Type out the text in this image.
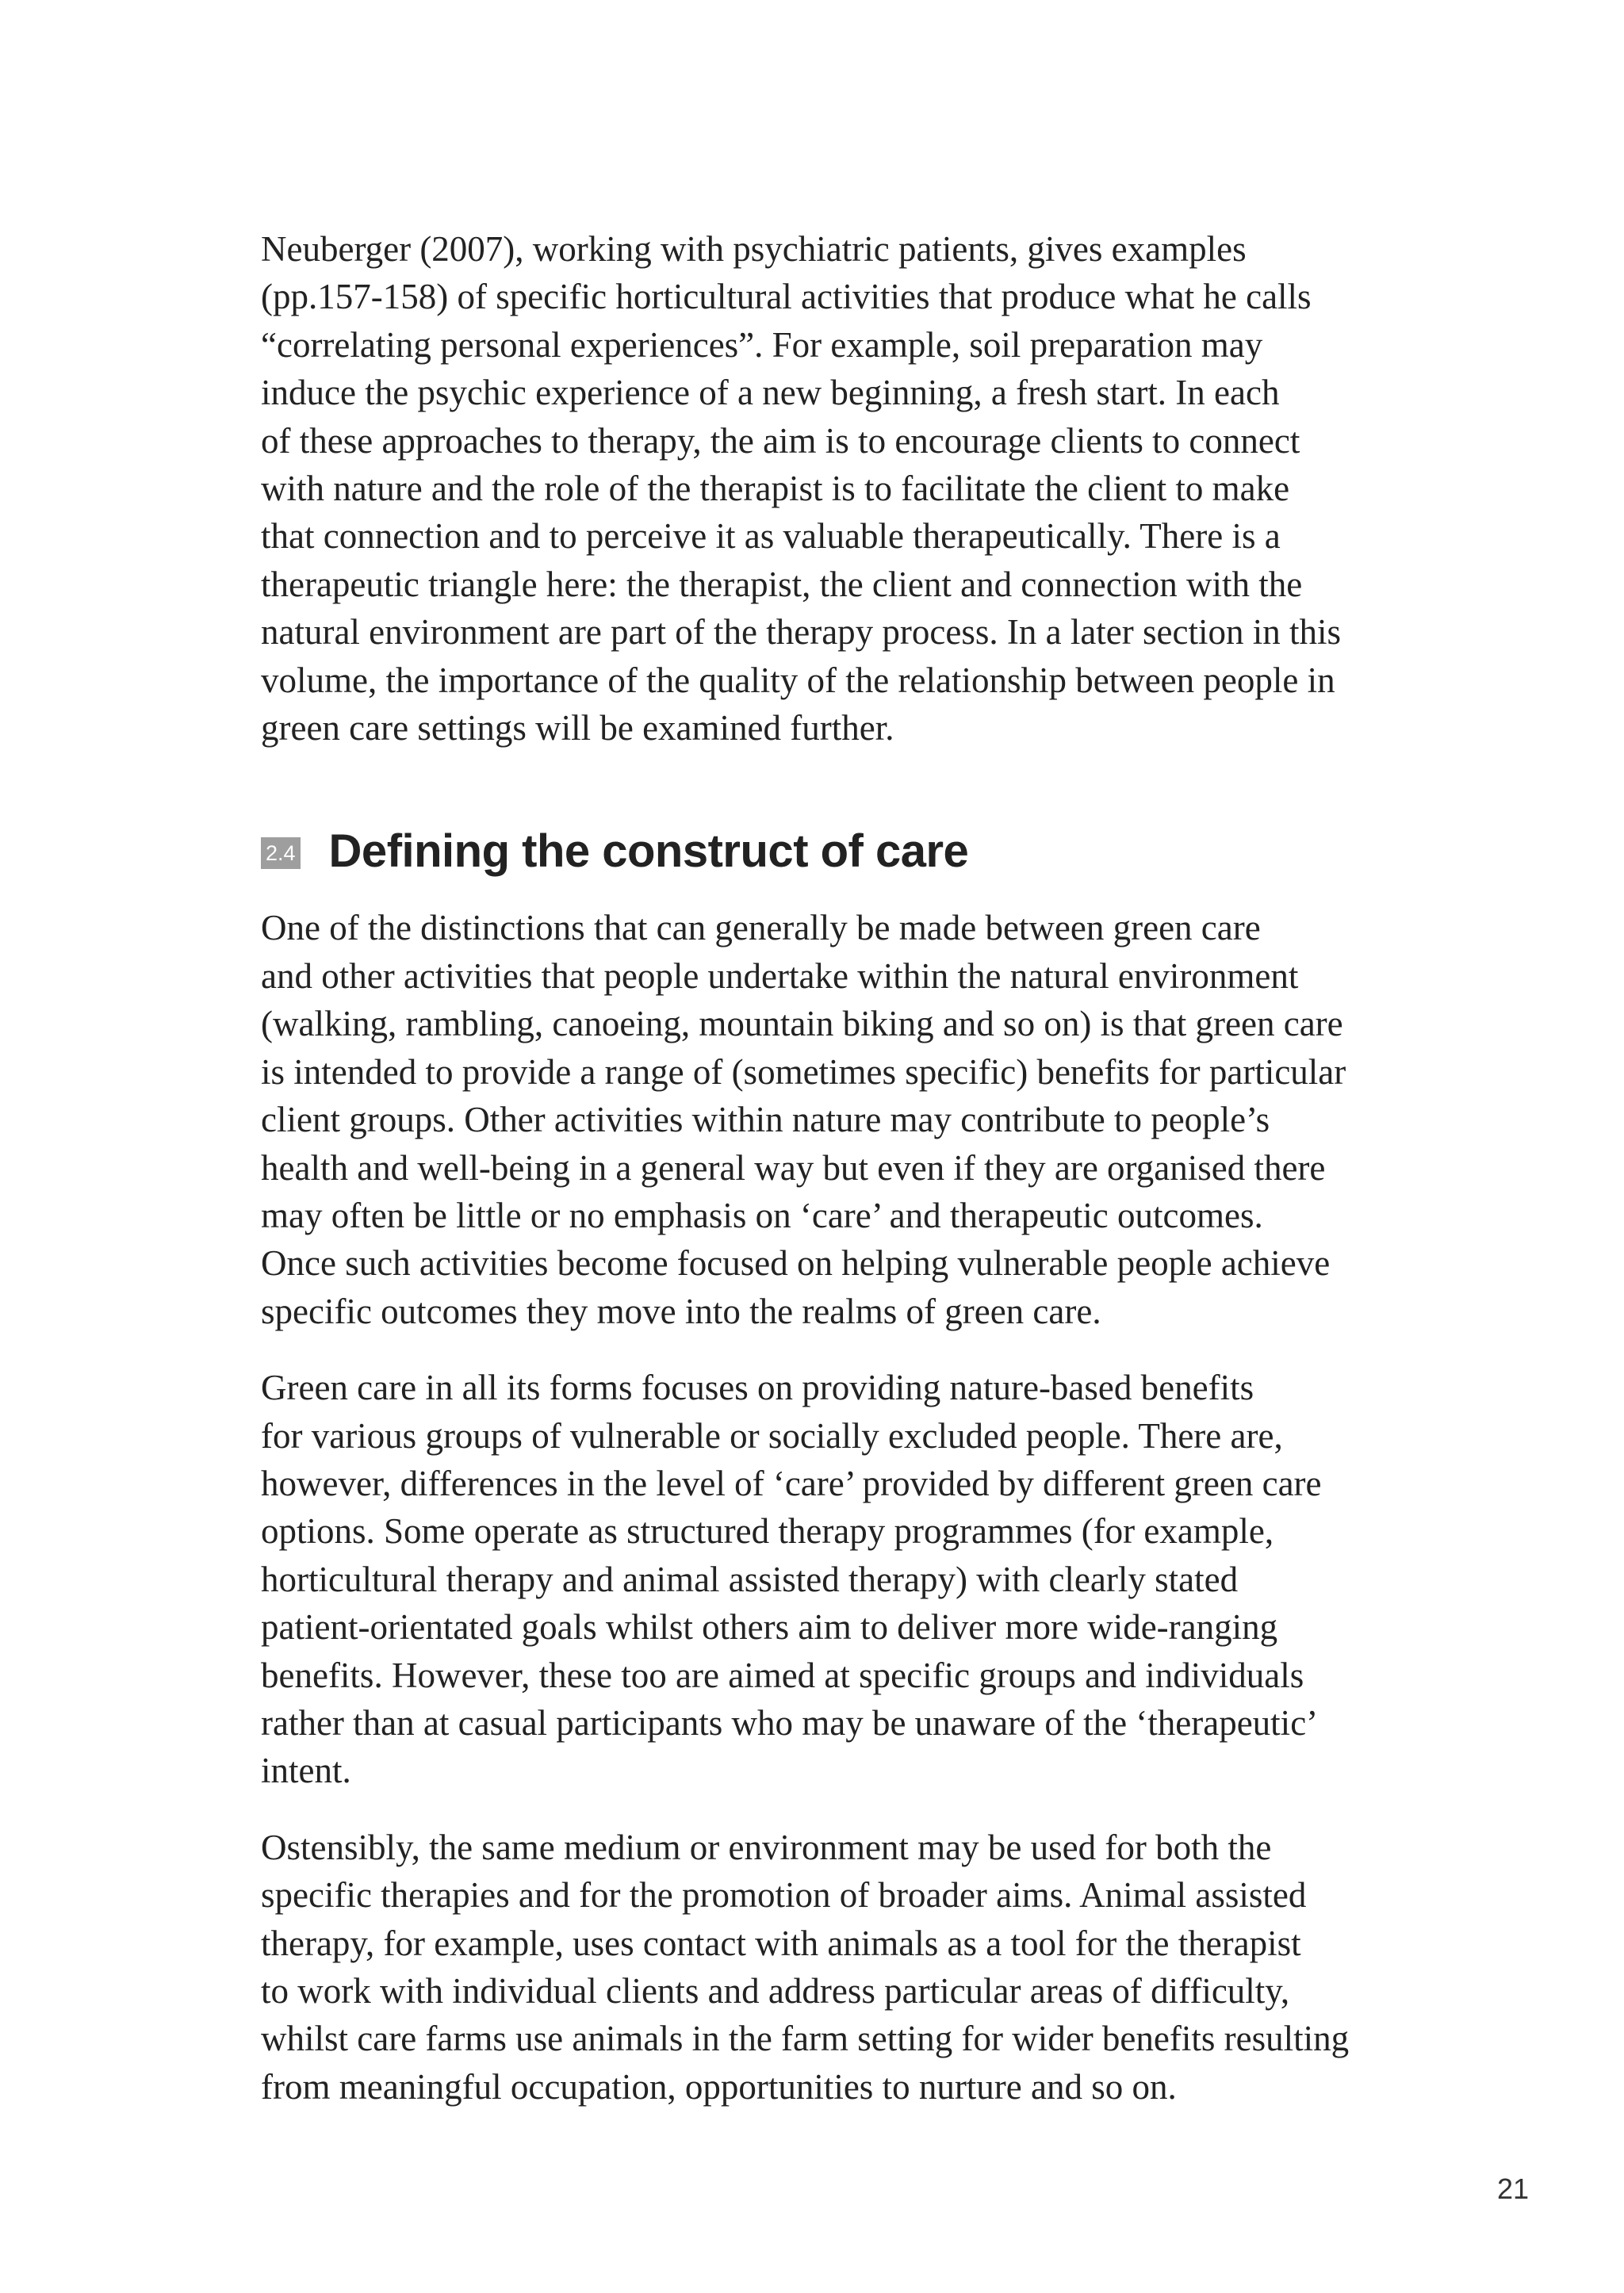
Neuberger (2007), working with psychiatric patients, gives examples
(pp.157-158) of specific horticultural activities that produce what he calls
“correlating personal experiences”. For example, soil preparation may
induce the psychic experience of a new beginning, a fresh start. In each
of these approaches to therapy, the aim is to encourage clients to connect
with nature and the role of the therapist is to facilitate the client to make
that connection and to perceive it as valuable therapeutically. There is a
therapeutic triangle here: the therapist, the client and connection with the
natural environment are part of the therapy process. In a later section in this
volume, the importance of the quality of the relationship between people in
green care settings will be examined further.

2.4 Defining the construct of care

One of the distinctions that can generally be made between green care
and other activities that people undertake within the natural environment
(walking, rambling, canoeing, mountain biking and so on) is that green care
is intended to provide a range of (sometimes specific) benefits for particular
client groups. Other activities within nature may contribute to people’s
health and well-being in a general way but even if they are organised there
may often be little or no emphasis on ‘care’ and therapeutic outcomes.
Once such activities become focused on helping vulnerable people achieve
specific outcomes they move into the realms of green care.

Green care in all its forms focuses on providing nature-based benefits
for various groups of vulnerable or socially excluded people. There are,
however, differences in the level of ‘care’ provided by different green care
options. Some operate as structured therapy programmes (for example,
horticultural therapy and animal assisted therapy) with clearly stated
patient-orientated goals whilst others aim to deliver more wide-ranging
benefits. However, these too are aimed at specific groups and individuals
rather than at casual participants who may be unaware of the ‘therapeutic’
intent.

Ostensibly, the same medium or environment may be used for both the
specific therapies and for the promotion of broader aims. Animal assisted
therapy, for example, uses contact with animals as a tool for the therapist
to work with individual clients and address particular areas of difficulty,
whilst care farms use animals in the farm setting for wider benefits resulting
from meaningful occupation, opportunities to nurture and so on.

21
